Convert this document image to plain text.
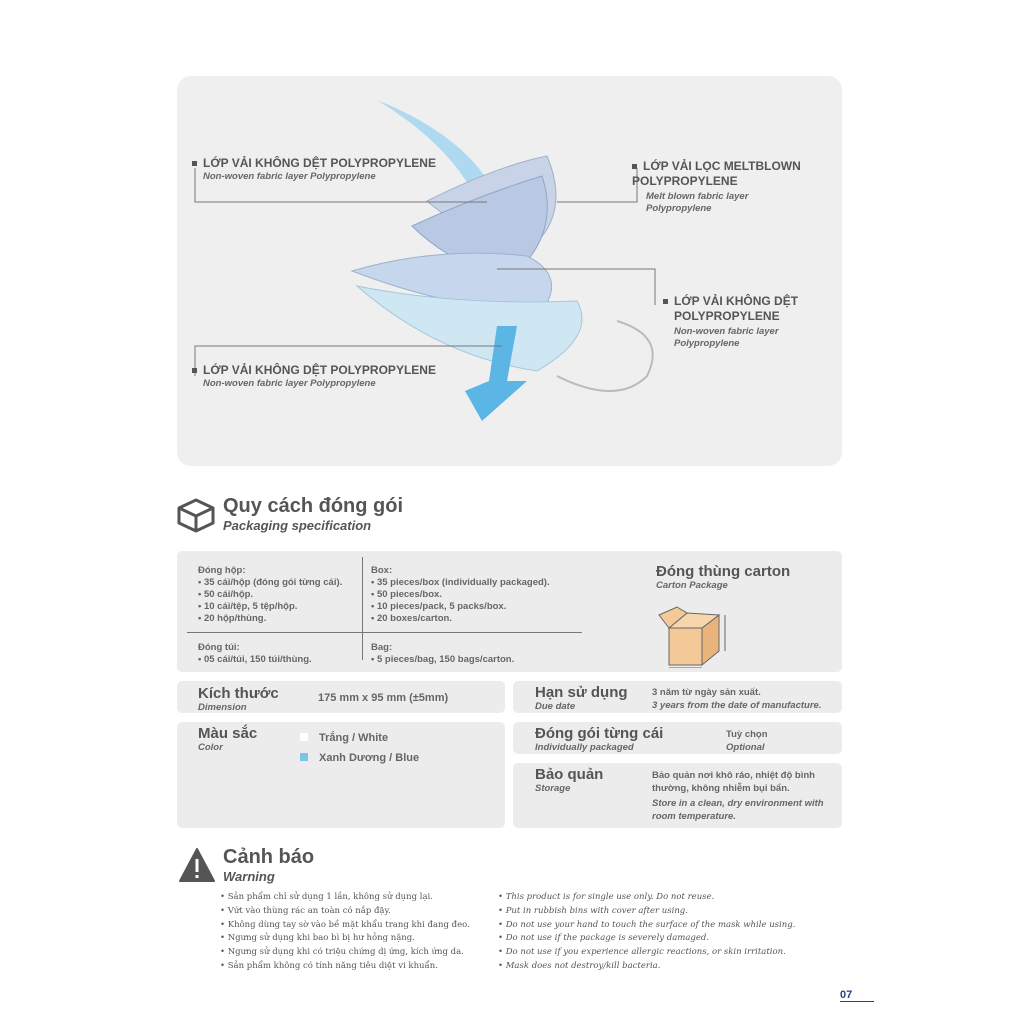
LỚP VẢI KHÔNG DỆT POLYPROPYLENE
Non-woven fabric layer Polypropylene
LỚP VẢI LỌC MELTBLOWN POLYPROPYLENE
Melt blown fabric layer Polypropylene
LỚP VẢI KHÔNG DỆT POLYPROPYLENE
Non-woven fabric layer Polypropylene
LỚP VẢI KHÔNG DỆT POLYPROPYLENE
Non-woven fabric layer Polypropylene
Quy cách đóng gói
Packaging specification
Đóng hộp:
• 35 cái/hộp (đóng gói từng cái).
• 50 cái/hộp.
• 10 cái/tệp, 5 tệp/hộp.
• 20 hộp/thùng.
Box:
• 35 pieces/box (individually packaged).
• 50 pieces/box.
• 10 pieces/pack, 5 packs/box.
• 20 boxes/carton.
Đóng túi:
• 05 cái/túi, 150 túi/thùng.
Bag:
• 5 pieces/bag, 150 bags/carton.
Đóng thùng carton
Carton Package
Kích thước
Dimension
175 mm x 95 mm (±5mm)
Màu sắc
Color
Trắng / White
Xanh Dương / Blue
Hạn sử dụng
Due date
3 năm từ ngày sản xuất.
3 years from the date of manufacture.
Đóng gói từng cái
Individually packaged
Tuỳ chọn
Optional
Bảo quản
Storage
Bảo quản nơi khô ráo, nhiệt độ bình thường, không nhiễm bụi bẩn.
Store in a clean, dry environment with room temperature.
Cảnh báo
Warning
• Sản phẩm chỉ sử dụng 1 lần, không sử dụng lại.
• Vứt vào thùng rác an toàn có nắp đậy.
• Không dùng tay sờ vào bề mặt khẩu trang khi đang đeo.
• Ngưng sử dụng khi bao bì bị hư hỏng nặng.
• Ngưng sử dụng khi có triệu chứng dị ứng, kích ứng da.
• Sản phẩm không có tính năng tiêu diệt vi khuẩn.
• This product is for single use only. Do not reuse.
• Put in rubbish bins with cover after using.
• Do not use your hand to touch the surface of the mask while using.
• Do not use if the package is severely damaged.
• Do not use if you experience allergic reactions, or skin irritation.
• Mask does not destroy/kill bacteria.
07
